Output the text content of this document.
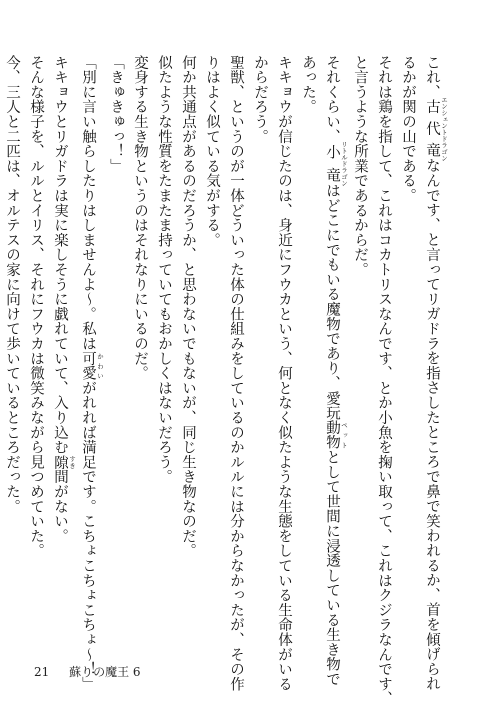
これ、古代竜 エンシェントドラゴンなんです、と言ってリガドラを指さしたところで鼻で笑われるか、首を傾げられ
るかが関の山である。
それは鶏を指して、これはコカトリスなんです、とか小魚を掬い取って、これはクジラなんです、
と言うような所業であるからだ。
それくらい、小竜 リトルドラゴンはどこにでもいる魔物であり、愛玩動物 ペットとして世間に浸透している生き物で
あった。
キキョウが信じたのは、身近にフウカという、何となく似たような生態をしている生命体がいる
からだろう。
聖獣、というのが一体どういった体の仕組みをしているのかルルには分からなかったが、その作
りはよく似ている気がする。
何か共通点があるのだろうか、と思わないでもないが、同じ生き物なのだ。
似たような性質をたまたま持っていてもおかしくはないだろう。
変身する生き物というのはそれなりにいるのだ。
「きゅきゅっ！」
「別に言い触らしたりはしませんよ〜。私は可愛 かわいがれれば満足です。こちょこちょこちょ〜！」
キキョウとリガドラは実に楽しそうに戯れていて、入り込む隙 すき間がない。
そんな様子を、ルルとイリス、それにフウカは微笑みながら見つめていた。
今、三人と二匹は、オルテスの家に向けて歩いているところだった。
21 蘇りの魔王 6
